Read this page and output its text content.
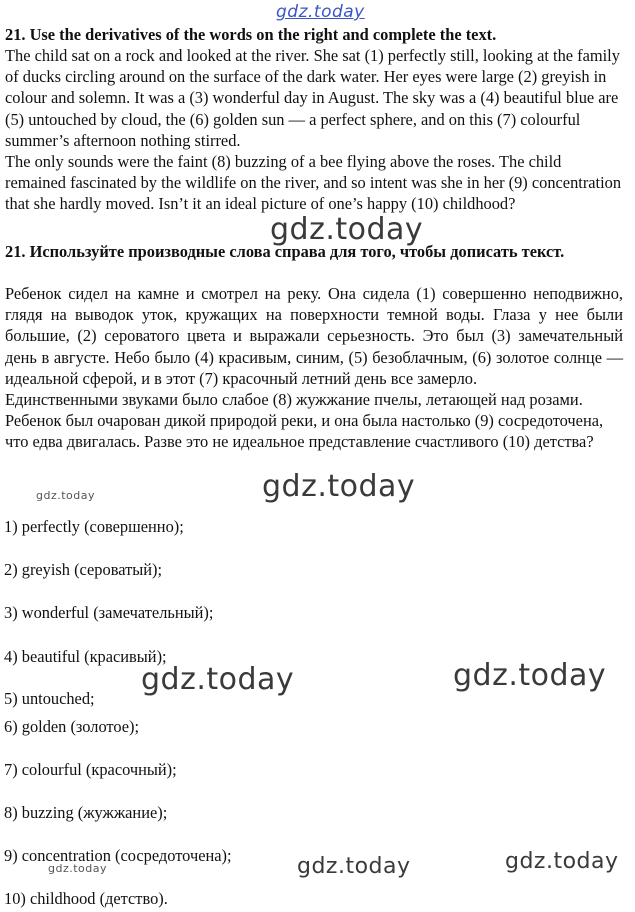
gdz.today
21. Use the derivatives of the words on the right and complete the text.
The child sat on a rock and looked at the river. She sat (1) perfectly still, looking at the family of ducks circling around on the surface of the dark water. Her eyes were large (2) greyish in colour and solemn. It was a (3) wonderful day in August. The sky was a (4) beautiful blue are (5) untouched by cloud, the (6) golden sun — a perfect sphere, and on this (7) colourful summer’s afternoon nothing stirred.
The only sounds were the faint (8) buzzing of a bee flying above the roses. The child remained fascinated by the wildlife on the river, and so intent was she in her (9) concentration that she hardly moved. Isn’t it an ideal picture of one’s happy (10) childhood?
gdz.today
21. Используйте производные слова справа для того, чтобы дописать текст.
Ребенок сидел на камне и смотрел на реку. Она сидела (1) совершенно неподвижно, глядя на выводок уток, кружащих на поверхности темной воды. Глаза у нее были большие, (2) сероватого цвета и выражали серьезность. Это был (3) замечательный день в августе. Небо было (4) красивым, синим, (5) безоблачным, (6) золотое солнце — идеальной сферой, и в этот (7) красочный летний день все замерло.
Единственными звуками было слабое (8) жужжание пчелы, летающей над розами. Ребенок был очарован дикой природой реки, и она была настолько (9) сосредоточена, что едва двигалась. Разве это не идеальное представление счастливого (10) детства?
gdz.today	gdz.today
1) perfectly (совершенно);
2) greyish (сероватый);
3) wonderful (замечательный);
4) beautiful (красивый);
5) untouched;
6) golden (золотое);
7) colourful (красочный);
8) buzzing (жужжание);
9) concentration (сосредоточена);
10) childhood (детство).
gdz.today	gdz.today
gdz.today	gdz.today	gdz.today
